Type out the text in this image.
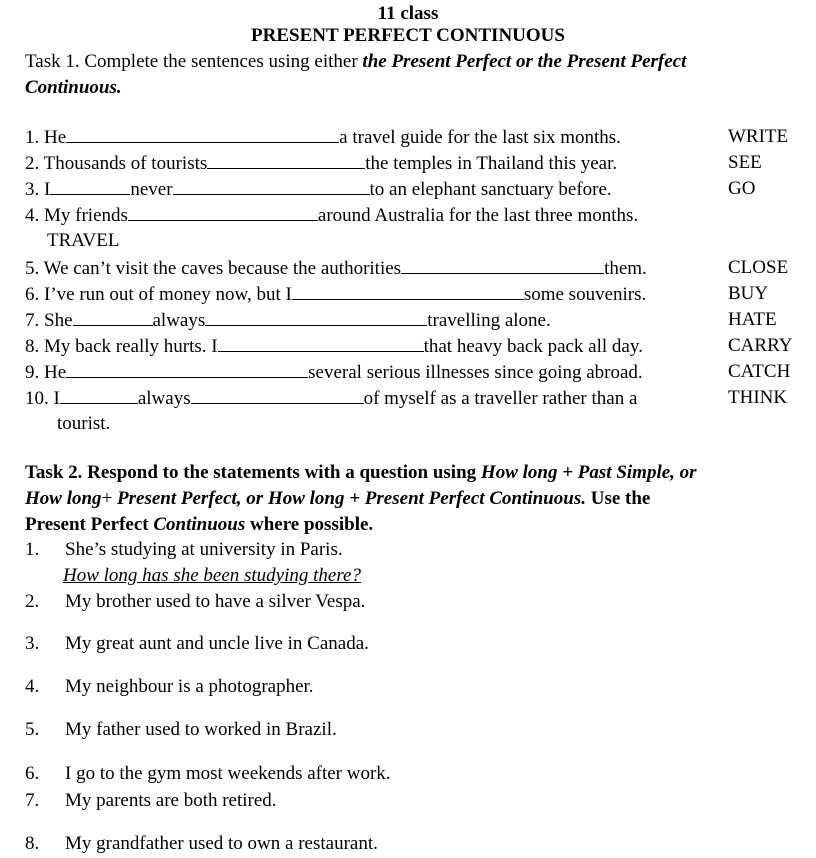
11 class
PRESENT PERFECT CONTINUOUS
Task 1. Complete the sentences using either the Present Perfect or the Present Perfect
Continuous.
1. He	a travel guide for the last six months.	WRITE
2. Thousands of tourists	the temples in Thailand this year.	SEE
3. I	never	to an elephant sanctuary before.	GO
4. My friends	around Australia for the last three months.
TRAVEL
5. We can’t visit the caves because the authorities	them.	CLOSE
6. I’ve run out of money now, but I	some souvenirs.	BUY
7. She	always	travelling alone.	HATE
8. My back really hurts. I	that heavy back pack all day.	CARRY
9. He	several serious illnesses since going abroad.	CATCH
10. I	always	of myself as a traveller rather than a	THINK
tourist.
Task 2. Respond to the statements with a question using How long + Past Simple, or
How long+ Present Perfect, or How long + Present Perfect Continuous. Use the
Present Perfect Continuous where possible.
1. She’s studying at university in Paris.
How long has she been studying there?
2. My brother used to have a silver Vespa.
3. My great aunt and uncle live in Canada.
4. My neighbour is a photographer.
5. My father used to worked in Brazil.
6. I go to the gym most weekends after work.
7. My parents are both retired.
8. My grandfather used to own a restaurant.
